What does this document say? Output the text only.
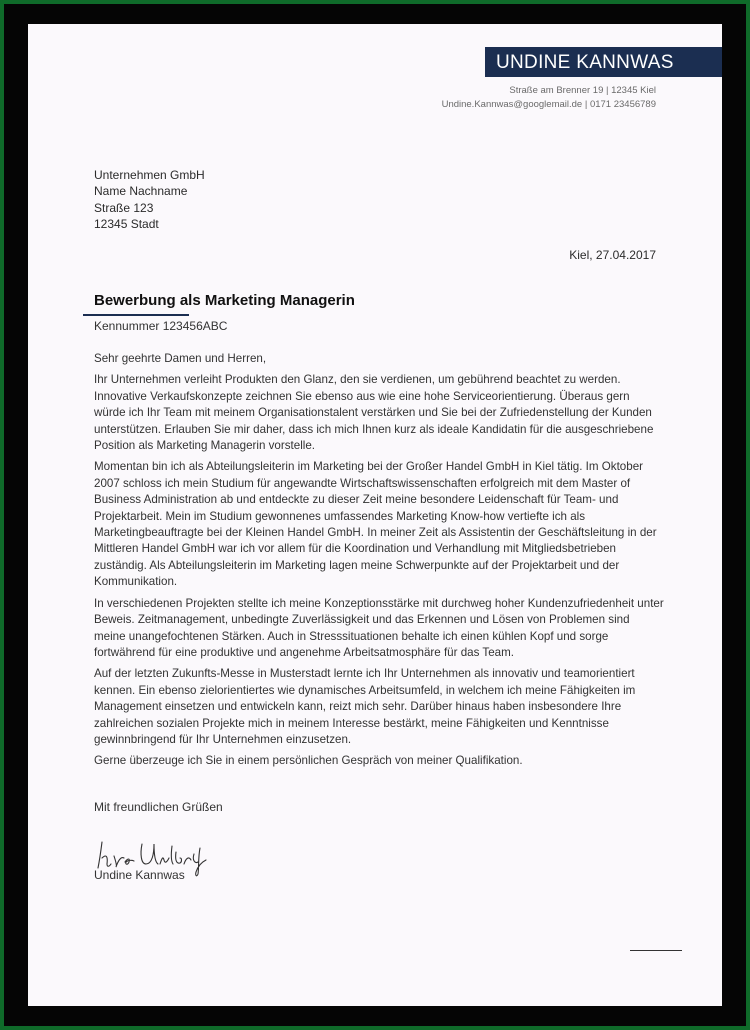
UNDINE KANNWAS
Straße am Brenner 19 | 12345 Kiel
Undine.Kannwas@googlemail.de | 0171 23456789
Unternehmen GmbH
Name Nachname
Straße 123
12345 Stadt
Kiel, 27.04.2017
Bewerbung als Marketing Managerin
Kennummer 123456ABC

Sehr geehrte Damen und Herren,

Ihr Unternehmen verleiht Produkten den Glanz, den sie verdienen, um gebührend beachtet zu werden. Innovative Verkaufskonzepte zeichnen Sie ebenso aus wie eine hohe Serviceorientierung. Überaus gern würde ich Ihr Team mit meinem Organisationstalent verstärken und Sie bei der Zufriedenstellung der Kunden unterstützen. Erlauben Sie mir daher, dass ich mich Ihnen kurz als ideale Kandidatin für die ausgeschriebene Position als Marketing Managerin vorstelle.

Momentan bin ich als Abteilungsleiterin im Marketing bei der Großer Handel GmbH in Kiel tätig. Im Oktober 2007 schloss ich mein Studium für angewandte Wirtschaftswissenschaften erfolgreich mit dem Master of Business Administration ab und entdeckte zu dieser Zeit meine besondere Leidenschaft für Team- und Projektarbeit. Mein im Studium gewonnenes umfassendes Marketing Know-how vertiefte ich als Marketingbeauftragte bei der Kleinen Handel GmbH. In meiner Zeit als Assistentin der Geschäftsleitung in der Mittleren Handel GmbH war ich vor allem für die Koordination und Verhandlung mit Mitgliedsbetrieben zuständig. Als Abteilungsleiterin im Marketing lagen meine Schwerpunkte auf der Projektarbeit und der Kommunikation.

In verschiedenen Projekten stellte ich meine Konzeptionsstärke mit durchweg hoher Kundenzufriedenheit unter Beweis. Zeitmanagement, unbedingte Zuverlässigkeit und das Erkennen und Lösen von Problemen sind meine unangefochtenen Stärken. Auch in Stresssituationen behalte ich einen kühlen Kopf und sorge fortwährend für eine produktive und angenehme Arbeitsatmosphäre für das Team.

Auf der letzten Zukunfts-Messe in Musterstadt lernte ich Ihr Unternehmen als innovativ und teamorientiert kennen. Ein ebenso zielorientiertes wie dynamisches Arbeitsumfeld, in welchem ich meine Fähigkeiten im Management einsetzen und entwickeln kann, reizt mich sehr. Darüber hinaus haben insbesondere Ihre zahlreichen sozialen Projekte mich in meinem Interesse bestärkt, meine Fähigkeiten und Kenntnisse gewinnbringend für Ihr Unternehmen einzusetzen.

Gerne überzeuge ich Sie in einem persönlichen Gespräch von meiner Qualifikation.

Mit freundlichen Grüßen
Undine Kannwas
